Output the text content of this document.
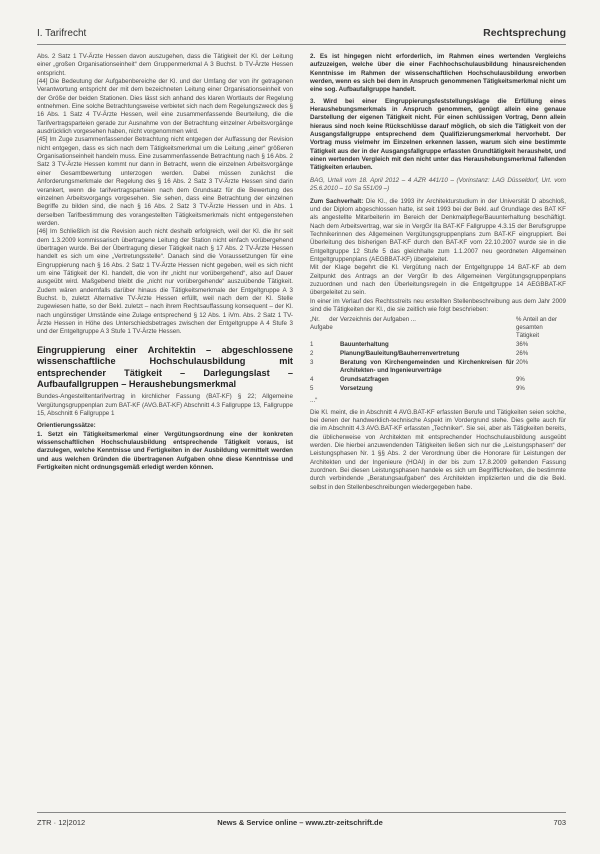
I. Tarifrecht	Rechtsprechung

Abs. 2 Satz 1 TV-Ärzte Hessen davon auszugehen, dass die Tätigkeit der Kl. der Leitung einer „großen Organisationseinheit“ dem Gruppenmerkmal A 3 Buchst. b TV-Ärzte Hessen entspricht.

[44] Die Bedeutung der Aufgabenbereiche der Kl. und der Umfang der von ihr getragenen Verantwortung entspricht der mit dem bezeichneten Leitung einer Organisationseinheit von der Größe der beiden Stationen. Dies lässt sich anhand des klaren Wortlauts der Regelung entnehmen. Eine solche Betrachtungsweise verbietet sich nach dem Regelungszweck des § 16 Abs. 1 Satz 4 TV-Ärzte Hessen, weil eine zusammenfassende Beurteilung, die die Tarifvertragsparteien gerade zur Ausnahme von der Betrachtung einzelner Arbeitsvorgänge ausdrücklich vorgesehen haben, nicht vorgenommen wird.

[45] Im Zuge zusammenfassender Betrachtung nicht entgegen der Auffassung der Revision nicht entgegen, dass es sich nach dem Tätigkeitsmerkmal um die Leitung „einer“ größeren Organisationseinheit handeln muss. Eine zusammenfassende Betrachtung nach § 16 Abs. 2 Satz 3 TV-Ärzte Hessen kommt nur dann in Betracht, wenn die einzelnen Arbeitsvorgänge einer Gesamtbewertung unterzogen werden. Dabei müssen zunächst die Anforderungsmerkmale der Regelung des § 16 Abs. 2 Satz 3 TV-Ärzte Hessen sind darin verankert, wenn die tarifvertragsparteien nach dem Grundsatz für die Bewertung des einzelnen Arbeitsvorgangs vorgesehen. Sie sehen, dass eine Betrachtung der einzelnen Begriffe zu bilden sind, die nach § 16 Abs. 2 Satz 3 TV-Ärzte Hessen und in Abs. 1 derselben Tarifbestimmung des vorangestellten Tätigkeitsmerkmals nicht entgegenstehen werden.

[46] Im Schließlich ist die Revision auch nicht deshalb erfolgreich, weil der Kl. die ihr seit dem 1.3.2009 kommissarisch übertragene Leitung der Station nicht einfach vorübergehend übertragen wurde. Bei der Übertragung dieser Tätigkeit nach § 17 Abs. 2 TV-Ärzte Hessen handelt es sich um eine „Vertretungsstelle“. Danach sind die Voraussetzungen für eine Eingruppierung nach § 16 Abs. 2 Satz 1 TV-Ärzte Hessen nicht gegeben, weil es sich nicht um eine Tätigkeit der Kl. handelt, die von ihr „nicht nur vorübergehend“, also auf Dauer ausgeübt wird. Maßgebend bleibt die „nicht nur vorübergehende“ auszuübende Tätigkeit. Zudem wären andernfalls darüber hinaus die Tätigkeitsmerkmale der Entgeltgruppe A 3 Buchst. b, zuletzt Alternative TV-Ärzte Hessen erfüllt, weil nach dem der Kl. Stelle zugewiesen hatte, so der Bekl. zuletzt – nach ihrem Rechtsauffassung konsequent – der Kl. nach ungünstiger Umstände eine Zulage entsprechend § 12 Abs. 1 iVm. Abs. 2 Satz 1 TV-Ärzte Hessen in Höhe des Unterschiedsbetrages zwischen der Entgeltgruppe A 4 Stufe 3 und der Entgeltgruppe A 3 Stufe 1 TV-Ärzte Hessen.

Eingruppierung einer Architektin – abgeschlossene wissenschaftliche Hochschulausbildung mit entsprechender Tätigkeit – Darlegungslast – Aufbaufallgruppen – Heraushebungsmerkmal

Bundes-Angestelltentarifvertrag in kirchlicher Fassung (BAT-KF) § 22; Allgemeine Vergütungsgruppenplan zum BAT-KF (AVG.BAT-KF) Abschnitt 4.3 Fallgruppe 13, Fallgruppe 15, Abschnitt 6 Fallgruppe 1

Orientierungssätze:

1. Setzt ein Tätigkeitsmerkmal einer Vergütungsordnung eine der konkreten wissenschaftlichen Hochschulausbildung entsprechende Tätigkeit voraus, ist darzulegen, welche Kenntnisse und Fertigkeiten in der Ausbildung vermittelt werden und aus welchen Gründen die übertragenen Aufgaben ohne diese Kenntnisse und Fertigkeiten nicht ordnungsgemäß erledigt werden können.

2. Es ist hingegen nicht erforderlich, im Rahmen eines wertenden Vergleichs aufzuzeigen, welche über die einer Fachhochschulausbildung hinausreichenden Kenntnisse im Rahmen der wissenschaftlichen Hochschulausbildung erworben werden, wenn es sich bei dem in Anspruch genommenen Tätigkeitsmerkmal nicht um eine sog. Aufbaufallgruppe handelt.

3. Wird bei einer Eingruppierungsfeststellungsklage die Erfüllung eines Heraushebungsmerkmals in Anspruch genommen, genügt allein eine genaue Darstellung der eigenen Tätigkeit nicht. Für einen schlüssigen Vortrag, Denn allein hieraus sind noch keine Rückschlüsse darauf möglich, ob sich die Tätigkeit von der Ausgangsfallgruppe entsprechend dem Qualifizierungsmerkmal hervorhebt. Der Vortrag muss vielmehr im Einzelnen erkennen lassen, warum sich eine bestimmte Tätigkeit aus der in der Ausgangsfallgruppe erfassten Grundtätigkeit heraushebt, und einen wertenden Vergleich mit den nicht unter das Heraushebungsmerkmal fallenden Tätigkeiten erlauben.

BAG, Urteil vom 18. April 2012 – 4 AZR 441/10 – (Vorinstanz: LAG Düsseldorf, Urt. vom 25.6.2010 – 10 Sa 551/09 –)

Zum Sachverhalt: Die Kl., die 1993 ihr Architekturstudium in der Universität D abschloß, und der Diplom abgeschlossen hatte, ist seit 1993 bei der Bekl. auf Grundlage des BAT KF als angestellte Mitarbeiterin im Bereich der Denkmalpflege/Bauunterhaltung beschäftigt. Nach dem Arbeitsvertrag, war sie in VergGr IIa BAT-KF Fallgruppe 4.3.15 der Berufsgruppe Technikerinnen des Allgemeinen Vergütungsgruppenplans zum BAT-KF eingruppiert. Bei Überleitung des bisherigen BAT-KF durch den BAT-KF vom 22.10.2007 wurde sie in die Entgeltgruppe 12 Stufe 5 das gleichhalte zum 1.1.2007 neu geordneten Allgemeinen Entgeltgruppenplans (AEGBBAT-KF) übergeleitet.

Mit der Klage begehrt die Kl. Vergütung nach der Entgeltgruppe 14 BAT-KF ab dem Zeitpunkt des Antrags an der VergGr Ib des Allgemeinen Vergütungsgruppenplans zuzuordnen und nach den Überleitungsregeln in die Entgeltgruppe 14 AEGBBAT-KF übergeleitet zu sein.

In einer im Verlauf des Rechtsstreits neu erstellten Stellenbeschreibung aus dem Jahr 2009 sind die Tätigkeiten der Kl., die sie zeitlich wie folgt beschrieben:

„Nr. der Aufgabe	Verzeichnis der Aufgaben ...	% Anteil an der gesamten Tätigkeit
1	Bauunterhaltung	36%
2	Planung/Bauleitung/Bauherrenvertretung	26%
3	Beratung von Kirchengemeinden und Kirchenkreisen für Architekten- und Ingenieurverträge	20%
4	Grundsatzfragen	9%
5	Vorsetzung	9%

...“

Die Kl. meint, die in Abschnitt 4 AVG.BAT-KF erfassten Berufe und Tätigkeiten seien solche, bei denen der handwerklich-technische Aspekt im Vordergrund stehe. Dies gelte auch für die im Abschnitt 4.3 AVG.BAT-KF erfassten „Techniker“. Sie sei, aber als Tätigkeiten bereits, die üblicherweise von Architekten mit entsprechender Hochschulausbildung ausgeübt werden. Die hierbei anzuwendenden Tätigkeiten ließen sich nur die „Leistungsphasen“ der Leistungsphasen Nr. 1 §§ Abs. 2 der Verordnung über die Honorare für Leistungen der Architekten und der Ingenieure (HOAI) in der bis zum 17.8.2009 geltenden Fassung zuordnen. Bei diesen Leistungsphasen handele es sich um Begrifflichkeiten, die bestimmte durch verbindende „Beratungsaufgaben“ des Architekten implizierten und die die Bekl. selbst in den Stellenbeschreibungen wiedergegeben habe.

ZTR · 12|2012	News & Service online – www.ztr-zeitschrift.de	703
